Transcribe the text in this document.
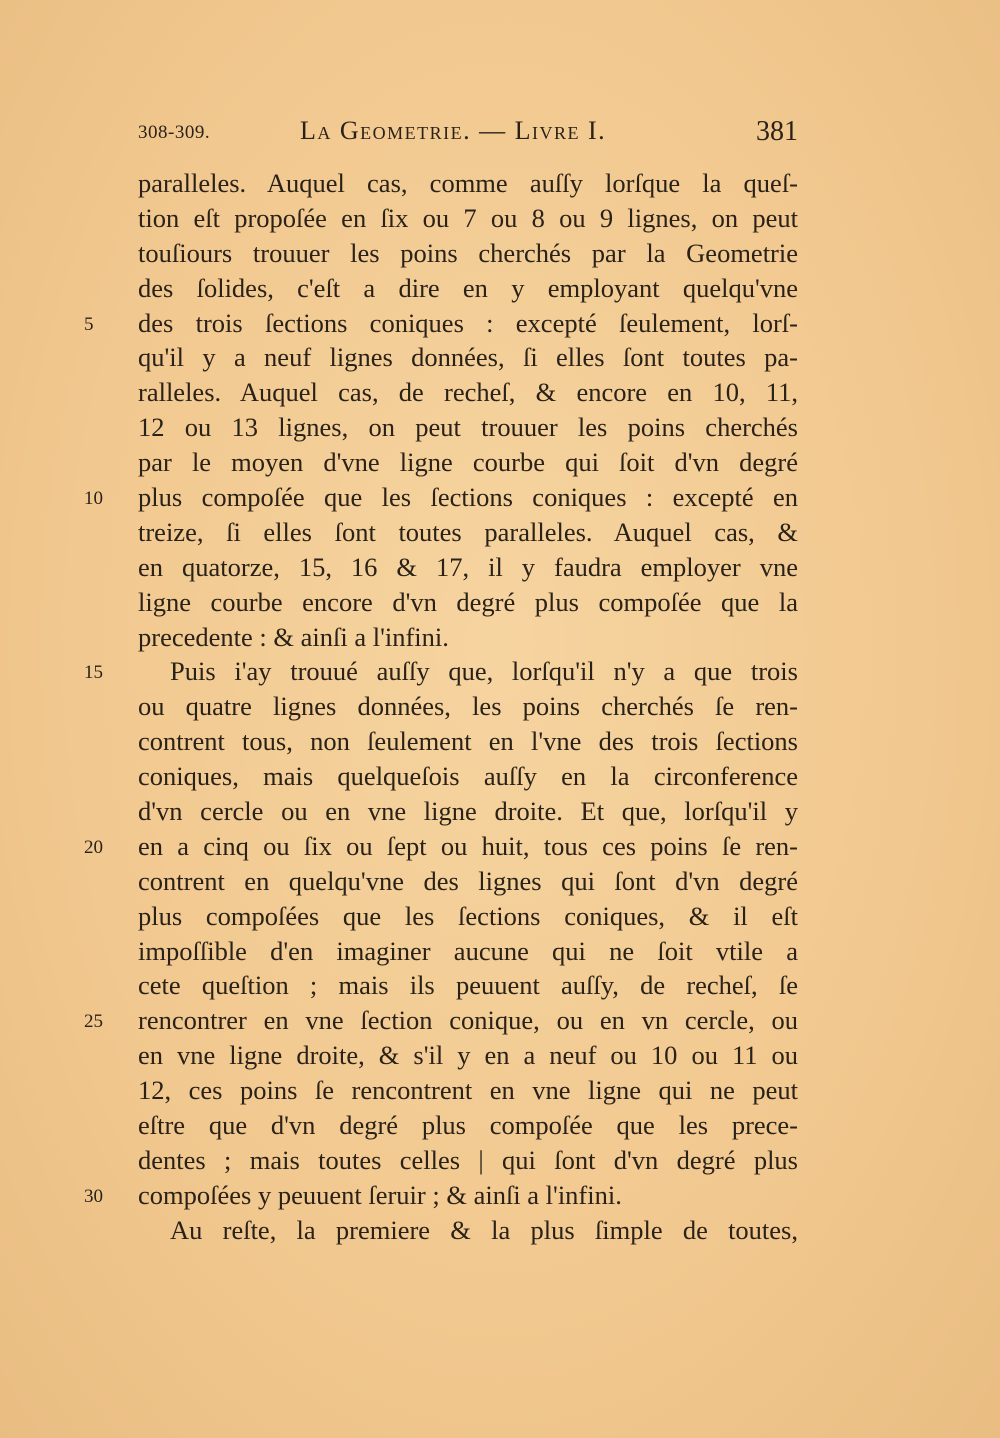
308-309.	La Geometrie. — Livre I.	381
paralleles. Auquel cas, comme auſſy lorſque la queſ-
tion eſt propoſée en ſix ou 7 ou 8 ou 9 lignes, on peut
touſiours trouuer les poins cherchés par la Geometrie
des ſolides, c'eſt a dire en y employant quelqu'vne
5	des trois ſections coniques : excepté ſeulement, lorſ-
qu'il y a neuf lignes données, ſi elles ſont toutes pa-
ralleles. Auquel cas, de recheſ, & encore en 10, 11,
12 ou 13 lignes, on peut trouuer les poins cherchés
par le moyen d'vne ligne courbe qui ſoit d'vn degré
10	plus compoſée que les ſections coniques : excepté en
treize, ſi elles ſont toutes paralleles. Auquel cas, &
en quatorze, 15, 16 & 17, il y faudra employer vne
ligne courbe encore d'vn degré plus compoſée que la
precedente : & ainſi a l'infini.
15	Puis i'ay trouué auſſy que, lorſqu'il n'y a que trois
ou quatre lignes données, les poins cherchés ſe ren-
contrent tous, non ſeulement en l'vne des trois ſections
coniques, mais quelqueſois auſſy en la circonference
d'vn cercle ou en vne ligne droite. Et que, lorſqu'il y
20	en a cinq ou ſix ou ſept ou huit, tous ces poins ſe ren-
contrent en quelqu'vne des lignes qui ſont d'vn degré
plus compoſées que les ſections coniques, & il eſt
impoſſible d'en imaginer aucune qui ne ſoit vtile a
cete queſtion ; mais ils peuuent auſſy, de recheſ, ſe
25	rencontrer en vne ſection conique, ou en vn cercle, ou
en vne ligne droite, & s'il y en a neuf ou 10 ou 11 ou
12, ces poins ſe rencontrent en vne ligne qui ne peut
eſtre que d'vn degré plus compoſée que les prece-
dentes ; mais toutes celles | qui ſont d'vn degré plus
30	compoſées y peuuent ſeruir ; & ainſi a l'infini.
Au reſte, la premiere & la plus ſimple de toutes,
